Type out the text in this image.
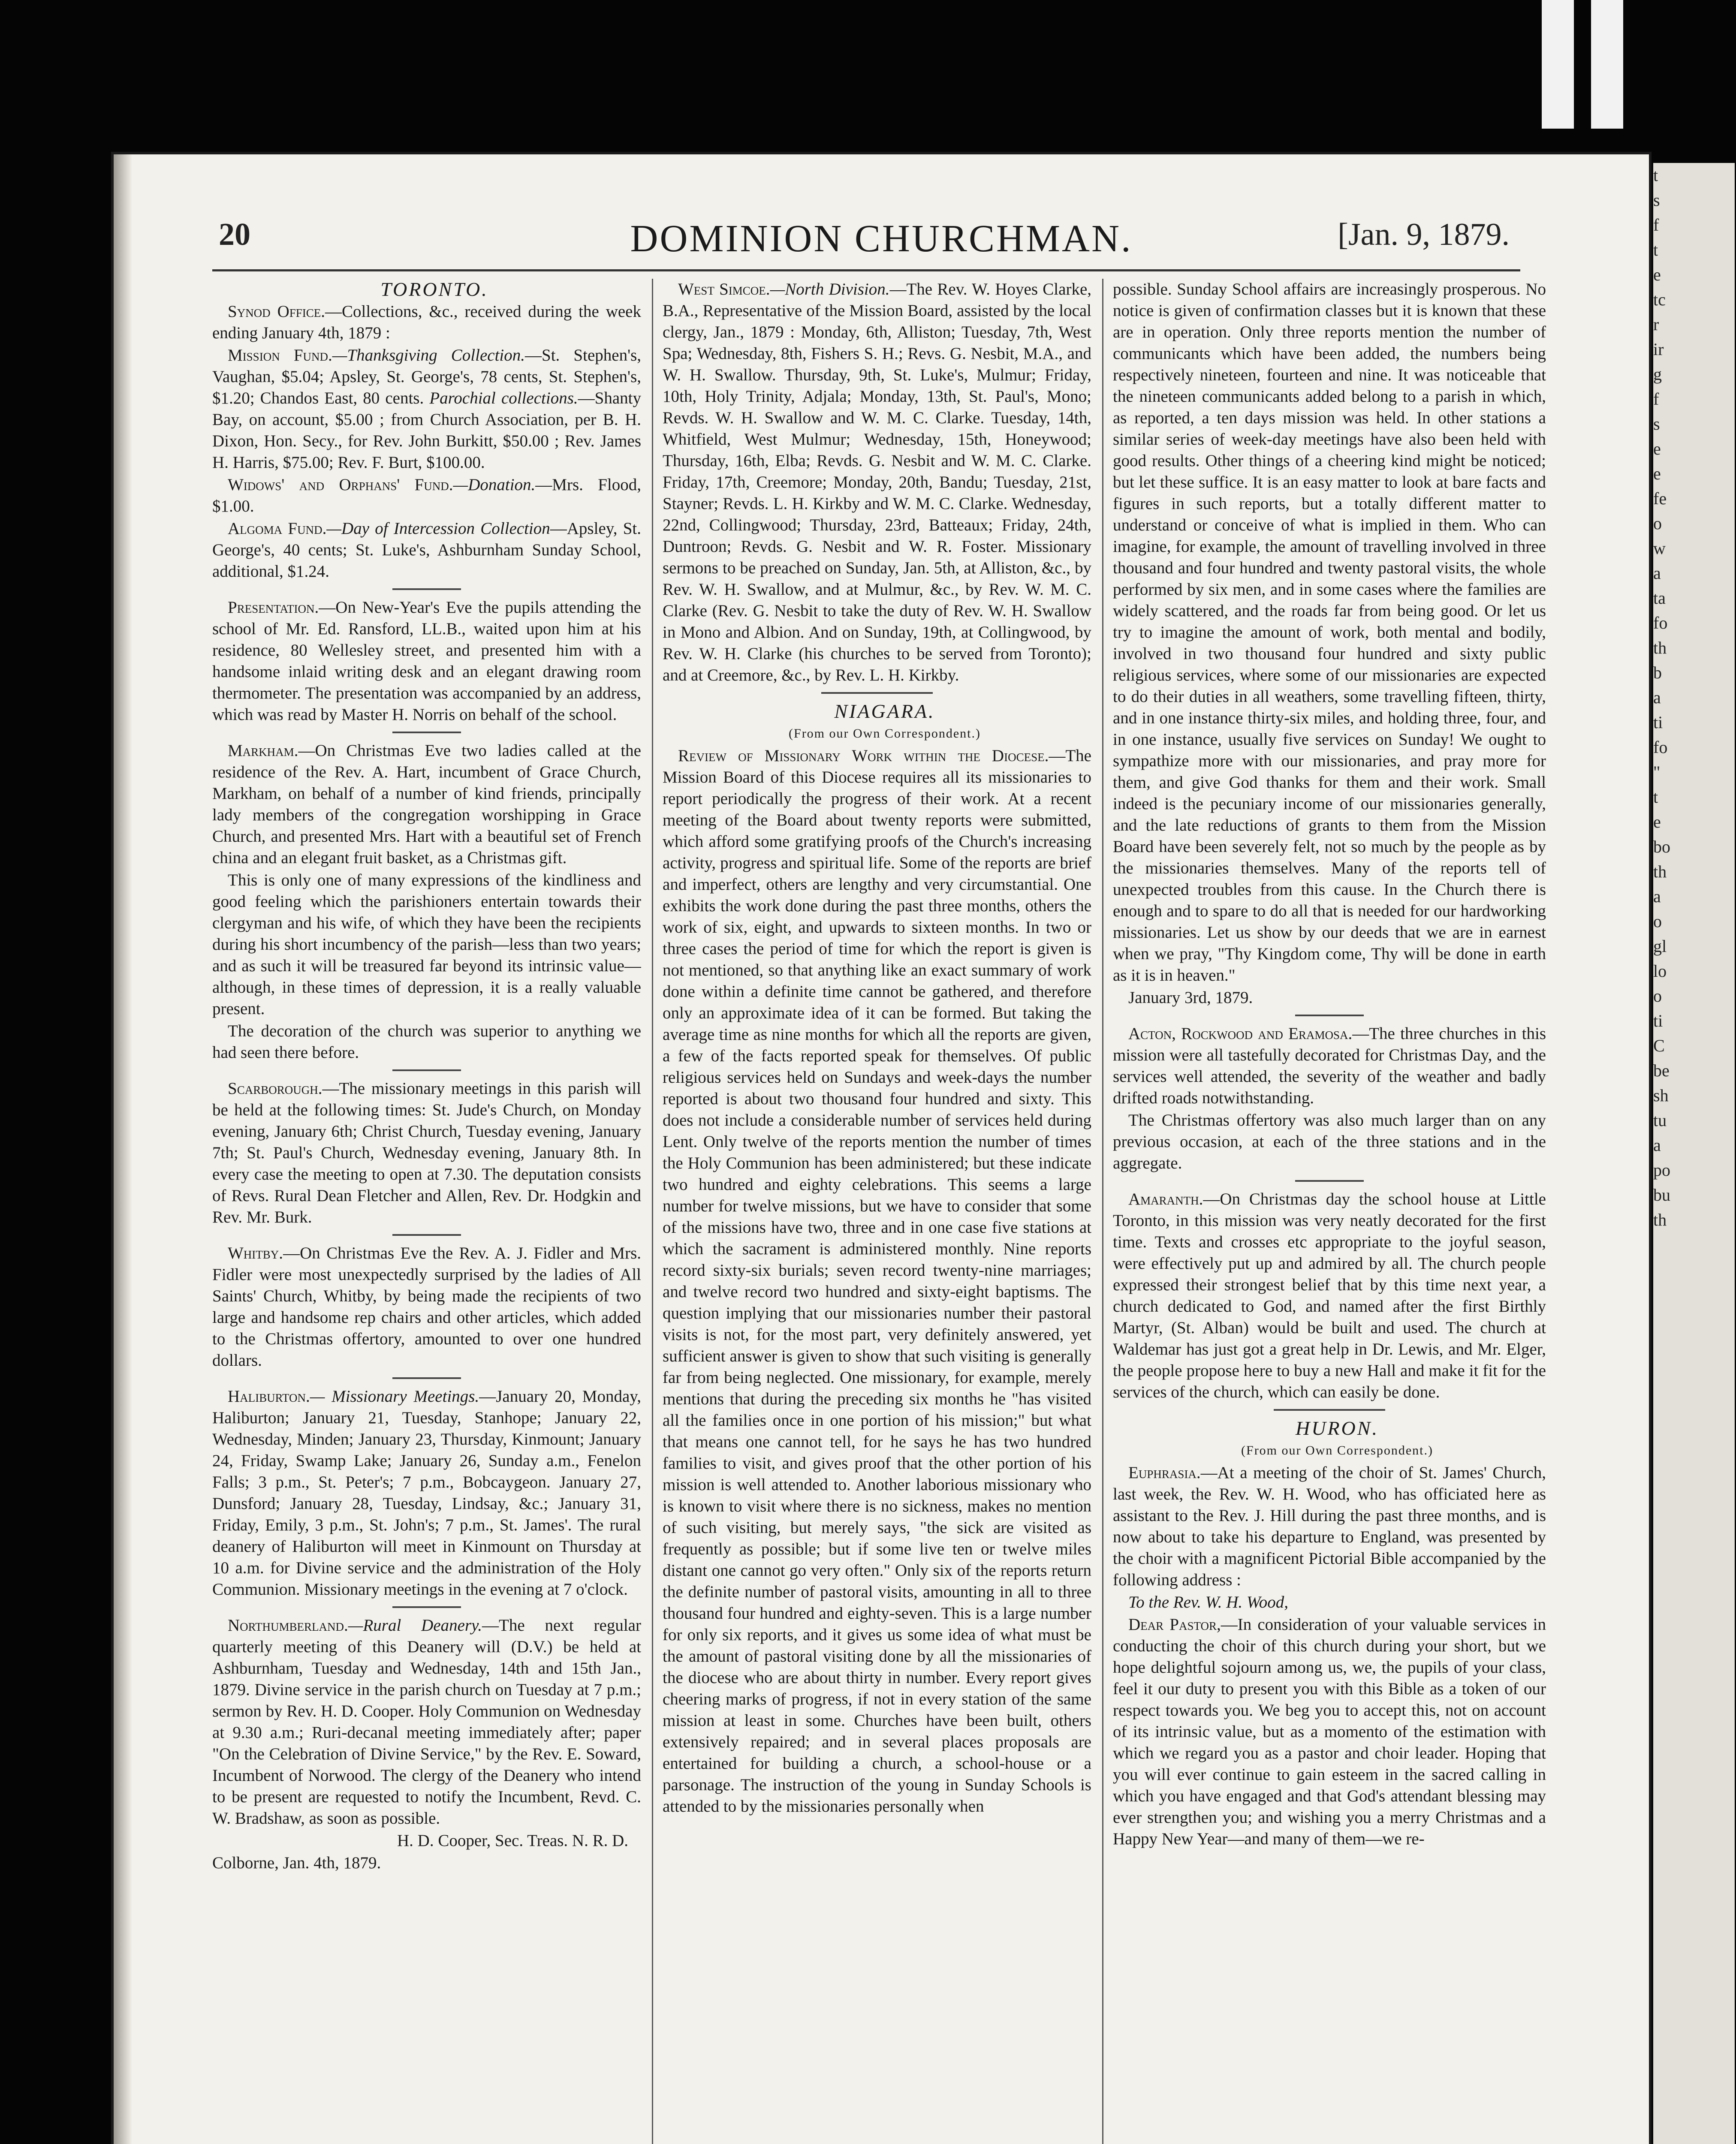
DOMINION CHURCHMAN.
20	[Jan. 9, 1879.

TORONTO.

Synod Office.—Collections, &c., received during the week ending January 4th, 1879 :

Mission Fund.—Thanksgiving Collection.—St. Stephen's, Vaughan, $5.04; Apsley, St. George's, 78 cents, St. Stephen's, $1.20; Chandos East, 80 cents. Parochial collections.—Shanty Bay, on account, $5.00 ; from Church Association, per B. H. Dixon, Hon. Secy., for Rev. John Burkitt, $50.00 ; Rev. James H. Harris, $75.00; Rev. F. Burt, $100.00.

Widows' and Orphans' Fund.—Donation.—Mrs. Flood, $1.00.

Algoma Fund.—Day of Intercession Collection—Apsley, St. George's, 40 cents; St. Luke's, Ashburnham Sunday School, additional, $1.24.

Presentation.—On New-Year's Eve the pupils attending the school of Mr. Ed. Ransford, LL.B., waited upon him at his residence, 80 Wellesley street, and presented him with a handsome inlaid writing desk and an elegant drawing room thermometer. The presentation was accompanied by an address, which was read by Master H. Norris on behalf of the school.

Markham.—On Christmas Eve two ladies called at the residence of the Rev. A. Hart, incumbent of Grace Church, Markham, on behalf of a number of kind friends, principally lady members of the congregation worshipping in Grace Church, and presented Mrs. Hart with a beautiful set of French china and an elegant fruit basket, as a Christmas gift.

This is only one of many expressions of the kindliness and good feeling which the parishioners entertain towards their clergyman and his wife, of which they have been the recipients during his short incumbency of the parish—less than two years; and as such it will be treasured far beyond its intrinsic value—although, in these times of depression, it is a really valuable present.

The decoration of the church was superior to anything we had seen there before.

Scarborough.—The missionary meetings in this parish will be held at the following times: St. Jude's Church, on Monday evening, January 6th; Christ Church, Tuesday evening, January 7th; St. Paul's Church, Wednesday evening, January 8th. In every case the meeting to open at 7.30. The deputation consists of Revs. Rural Dean Fletcher and Allen, Rev. Dr. Hodgkin and Rev. Mr. Burk.

Whitby.—On Christmas Eve the Rev. A. J. Fidler and Mrs. Fidler were most unexpectedly surprised by the ladies of All Saints' Church, Whitby, by being made the recipients of two large and handsome rep chairs and other articles, which added to the Christmas offertory, amounted to over one hundred dollars.

Haliburton.— Missionary Meetings.—January 20, Monday, Haliburton; January 21, Tuesday, Stanhope; January 22, Wednesday, Minden; January 23, Thursday, Kinmount; January 24, Friday, Swamp Lake; January 26, Sunday a.m., Fenelon Falls; 3 p.m., St. Peter's; 7 p.m., Bobcaygeon. January 27, Dunsford; January 28, Tuesday, Lindsay, &c.; January 31, Friday, Emily, 3 p.m., St. John's; 7 p.m., St. James'. The rural deanery of Haliburton will meet in Kinmount on Thursday at 10 a.m. for Divine service and the administration of the Holy Communion. Missionary meetings in the evening at 7 o'clock.

Northumberland.—Rural Deanery.—The next regular quarterly meeting of this Deanery will (D.V.) be held at Ashburnham, Tuesday and Wednesday, 14th and 15th Jan., 1879. Divine service in the parish church on Tuesday at 7 p.m.; sermon by Rev. H. D. Cooper. Holy Communion on Wednesday at 9.30 a.m.; Ruri-decanal meeting immediately after; paper "On the Celebration of Divine Service," by the Rev. E. Soward, Incumbent of Norwood. The clergy of the Deanery who intend to be present are requested to notify the Incumbent, Revd. C. W. Bradshaw, as soon as possible.

H. D. Cooper, Sec. Treas. N. R. D.

Colborne, Jan. 4th, 1879.

West Simcoe.—North Division.—The Rev. W. Hoyes Clarke, B.A., Representative of the Mission Board, assisted by the local clergy, Jan., 1879 : Monday, 6th, Alliston; Tuesday, 7th, West Spa; Wednesday, 8th, Fishers S. H.; Revs. G. Nesbit, M.A., and W. H. Swallow. Thursday, 9th, St. Luke's, Mulmur; Friday, 10th, Holy Trinity, Adjala; Monday, 13th, St. Paul's, Mono; Revds. W. H. Swallow and W. M. C. Clarke. Tuesday, 14th, Whitfield, West Mulmur; Wednesday, 15th, Honeywood; Thursday, 16th, Elba; Revds. G. Nesbit and W. M. C. Clarke. Friday, 17th, Creemore; Monday, 20th, Bandu; Tuesday, 21st, Stayner; Revds. L. H. Kirkby and W. M. C. Clarke. Wednesday, 22nd, Collingwood; Thursday, 23rd, Batteaux; Friday, 24th, Duntroon; Revds. G. Nesbit and W. R. Foster. Missionary sermons to be preached on Sunday, Jan. 5th, at Alliston, &c., by Rev. W. H. Swallow, and at Mulmur, &c., by Rev. W. M. C. Clarke (Rev. G. Nesbit to take the duty of Rev. W. H. Swallow in Mono and Albion. And on Sunday, 19th, at Collingwood, by Rev. W. H. Clarke (his churches to be served from Toronto); and at Creemore, &c., by Rev. L. H. Kirkby.

NIAGARA.

(From our Own Correspondent.)

Review of Missionary Work within the Diocese.—The Mission Board of this Diocese requires all its missionaries to report periodically the progress of their work. At a recent meeting of the Board about twenty reports were submitted, which afford some gratifying proofs of the Church's increasing activity, progress and spiritual life. Some of the reports are brief and imperfect, others are lengthy and very circumstantial. One exhibits the work done during the past three months, others the work of six, eight, and upwards to sixteen months. In two or three cases the period of time for which the report is given is not mentioned, so that anything like an exact summary of work done within a definite time cannot be gathered, and therefore only an approximate idea of it can be formed. But taking the average time as nine months for which all the reports are given, a few of the facts reported speak for themselves. Of public religious services held on Sundays and week-days the number reported is about two thousand four hundred and sixty. This does not include a considerable number of services held during Lent. Only twelve of the reports mention the number of times the Holy Communion has been administered; but these indicate two hundred and eighty celebrations. This seems a large number for twelve missions, but we have to consider that some of the missions have two, three and in one case five stations at which the sacrament is administered monthly. Nine reports record sixty-six burials; seven record twenty-nine marriages; and twelve record two hundred and sixty-eight baptisms. The question implying that our missionaries number their pastoral visits is not, for the most part, very definitely answered, yet sufficient answer is given to show that such visiting is generally far from being neglected. One missionary, for example, merely mentions that during the preceding six months he "has visited all the families once in one portion of his mission;" but what that means one cannot tell, for he says he has two hundred families to visit, and gives proof that the other portion of his mission is well attended to. Another laborious missionary who is known to visit where there is no sickness, makes no mention of such visiting, but merely says, "the sick are visited as frequently as possible; but if some live ten or twelve miles distant one cannot go very often." Only six of the reports return the definite number of pastoral visits, amounting in all to three thousand four hundred and eighty-seven. This is a large number for only six reports, and it gives us some idea of what must be the amount of pastoral visiting done by all the missionaries of the diocese who are about thirty in number. Every report gives cheering marks of progress, if not in every station of the same mission at least in some. Churches have been built, others extensively repaired; and in several places proposals are entertained for building a church, a school-house or a parsonage. The instruction of the young in Sunday Schools is attended to by the missionaries personally when

possible. Sunday School affairs are increasingly prosperous. No notice is given of confirmation classes but it is known that these are in operation. Only three reports mention the number of communicants which have been added, the numbers being respectively nineteen, fourteen and nine. It was noticeable that the nineteen communicants added belong to a parish in which, as reported, a ten days mission was held. In other stations a similar series of week-day meetings have also been held with good results. Other things of a cheering kind might be noticed; but let these suffice. It is an easy matter to look at bare facts and figures in such reports, but a totally different matter to understand or conceive of what is implied in them. Who can imagine, for example, the amount of travelling involved in three thousand and four hundred and twenty pastoral visits, the whole performed by six men, and in some cases where the families are widely scattered, and the roads far from being good. Or let us try to imagine the amount of work, both mental and bodily, involved in two thousand four hundred and sixty public religious services, where some of our missionaries are expected to do their duties in all weathers, some travelling fifteen, thirty, and in one instance thirty-six miles, and holding three, four, and in one instance, usually five services on Sunday! We ought to sympathize more with our missionaries, and pray more for them, and give God thanks for them and their work. Small indeed is the pecuniary income of our missionaries generally, and the late reductions of grants to them from the Mission Board have been severely felt, not so much by the people as by the missionaries themselves. Many of the reports tell of unexpected troubles from this cause. In the Church there is enough and to spare to do all that is needed for our hardworking missionaries. Let us show by our deeds that we are in earnest when we pray, "Thy Kingdom come, Thy will be done in earth as it is in heaven."

January 3rd, 1879.

Acton, Rockwood and Eramosa.—The three churches in this mission were all tastefully decorated for Christmas Day, and the services well attended, the severity of the weather and badly drifted roads notwithstanding.

The Christmas offertory was also much larger than on any previous occasion, at each of the three stations and in the aggregate.

Amaranth.—On Christmas day the school house at Little Toronto, in this mission was very neatly decorated for the first time. Texts and crosses etc appropriate to the joyful season, were effectively put up and admired by all. The church people expressed their strongest belief that by this time next year, a church dedicated to God, and named after the first Birthly Martyr, (St. Alban) would be built and used. The church at Waldemar has just got a great help in Dr. Lewis, and Mr. Elger, the people propose here to buy a new Hall and make it fit for the services of the church, which can easily be done.

HURON.

(From our Own Correspondent.)

Euphrasia.—At a meeting of the choir of St. James' Church, last week, the Rev. W. H. Wood, who has officiated here as assistant to the Rev. J. Hill during the past three months, and is now about to take his departure to England, was presented by the choir with a magnificent Pictorial Bible accompanied by the following address :

To the Rev. W. H. Wood,

Dear Pastor,—In consideration of your valuable services in conducting the choir of this church during your short, but we hope delightful sojourn among us, we, the pupils of your class, feel it our duty to present you with this Bible as a token of our respect towards you. We beg you to accept this, not on account of its intrinsic value, but as a momento of the estimation with which we regard you as a pastor and choir leader. Hoping that you will ever continue to gain esteem in the sacred calling in which you have engaged and that God's attendant blessing may ever strengthen you; and wishing you a merry Christmas and a Happy New Year—and many of them—we re-

t
s
f
t
e
tc
r
ir
g
f
s
e
e
fe
o
w
a
ta
fo
th
b
a
ti
fo
"
t
e
bo
th
a
o
gl
lo
o
ti
C
be
sh
tu
a
po
bu
th
